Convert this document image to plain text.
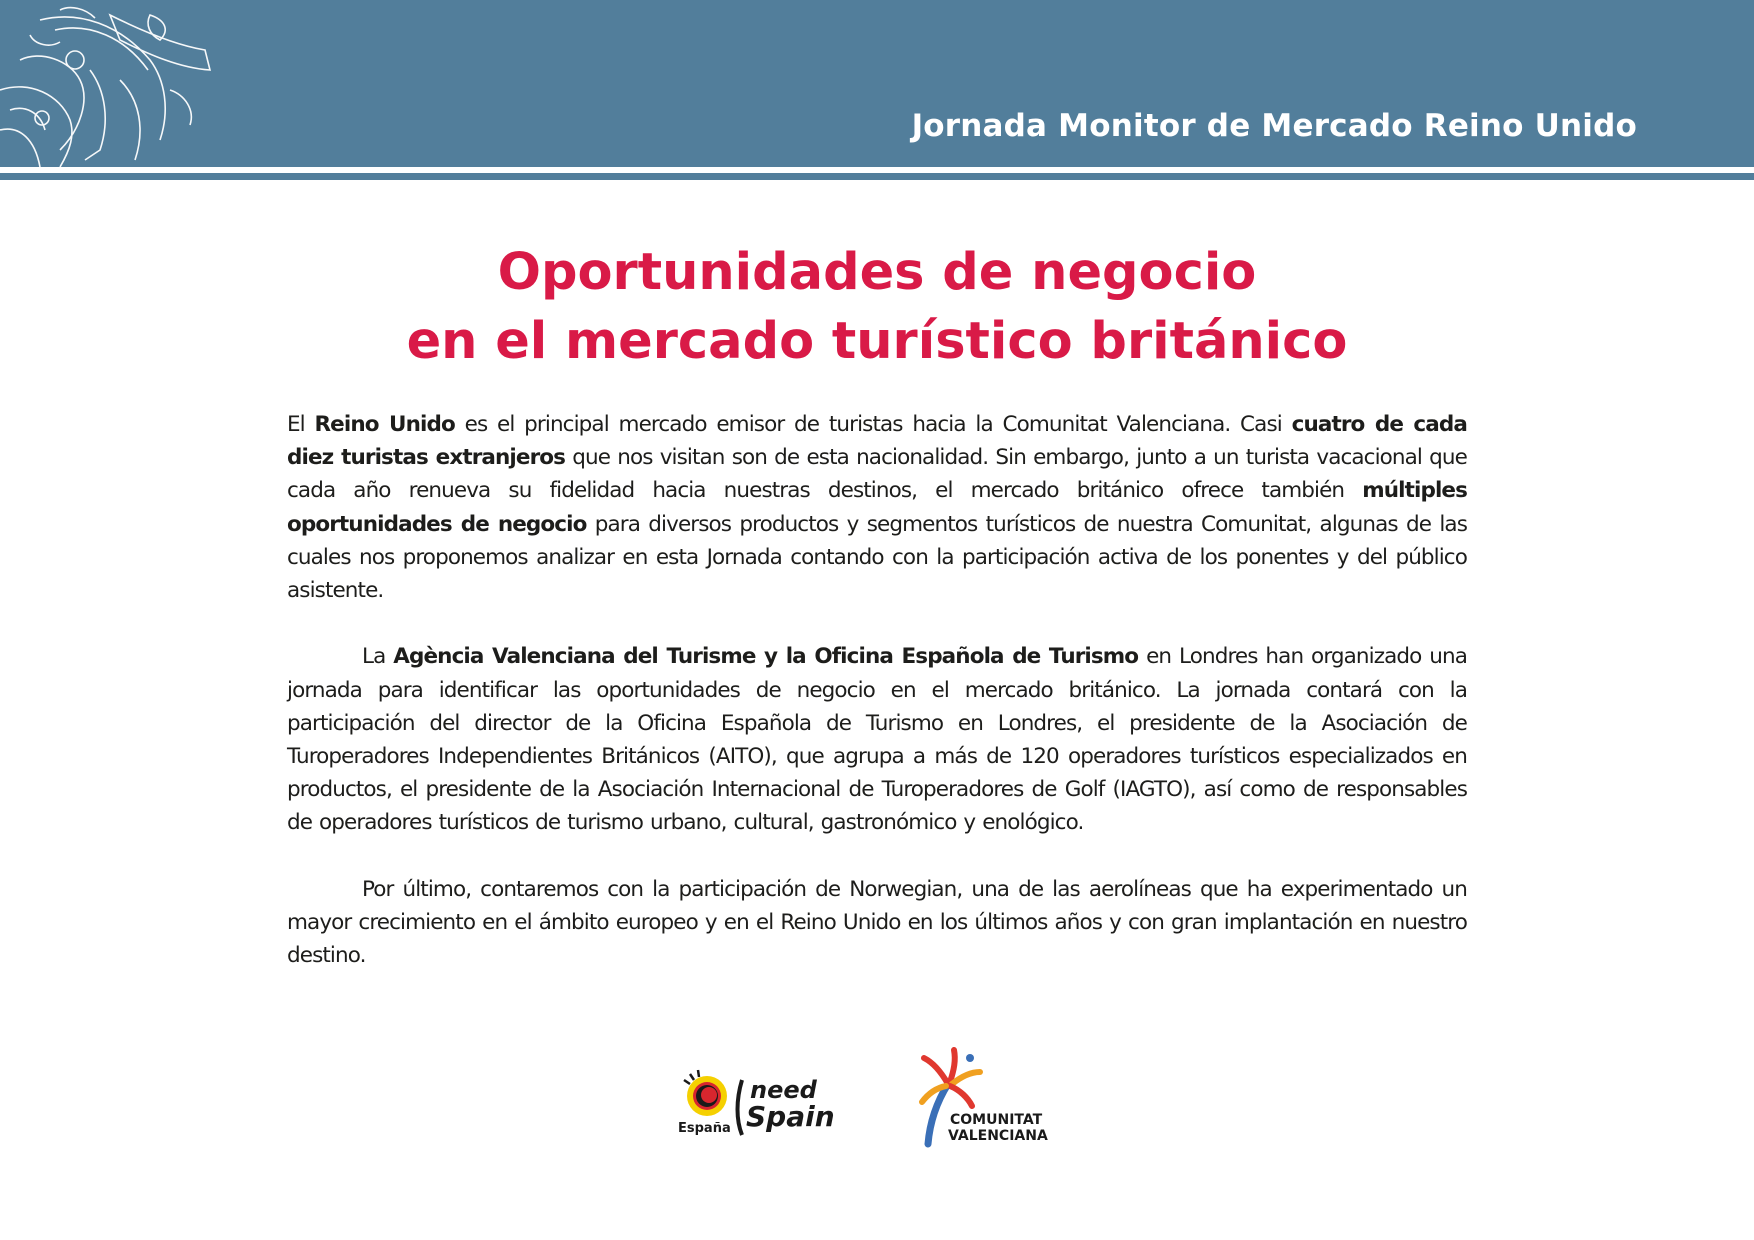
Jornada Monitor de Mercado Reino Unido
Oportunidades de negocio
en el mercado turístico británico

El Reino Unido es el principal mercado emisor de turistas hacia la Comunitat Valenciana. Casi cuatro de cada diez turistas extranjeros que nos visitan son de esta nacionalidad. Sin embargo, junto a un turista vacacional que cada año renueva su fidelidad hacia nuestras destinos, el mercado británico ofrece también múltiples oportunidades de negocio para diversos productos y segmentos turísticos de nuestra Comunitat, algunas de las cuales nos proponemos analizar en esta Jornada contando con la participación activa de los ponentes y del público asistente.

La Agència Valenciana del Turisme y la Oficina Española de Turismo en Londres han organizado una jornada para identificar las oportunidades de negocio en el mercado británico. La jornada contará con la participación del director de la Oficina Española de Turismo en Londres, el presidente de la Asociación de Turoperadores Independientes Británicos (AITO), que agrupa a más de 120 operadores turísticos especializados en productos, el presidente de la Asociación Internacional de Turoperadores de Golf (IAGTO), así como de responsables de operadores turísticos de turismo urbano, cultural, gastronómico y enológico.

Por último, contaremos con la participación de Norwegian, una de las aerolíneas que ha experimentado un mayor crecimiento en el ámbito europeo y en el Reino Unido en los últimos años y con gran implantación en nuestro destino.

España
need
Spain	COMUNITAT
VALENCIANA
